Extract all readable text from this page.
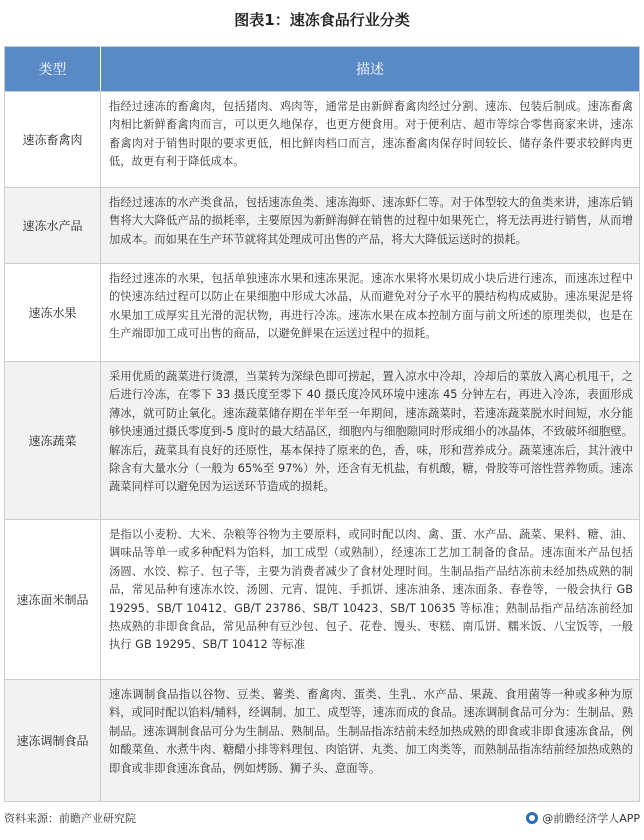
图表1：速冻食品行业分类
类型	描述
速冻畜禽肉
指经过速冻的畜禽肉，包括猪肉、鸡肉等，通常是由新鲜畜禽肉经过分割、速冻、包装后制成。速冻畜禽肉相比新鲜畜禽肉而言，可以更久地保存，也更方便食用。对于便利店、超市等综合零售商家来讲，速冻畜禽肉对于销售时限的要求更低，相比鲜肉档口而言，速冻畜禽肉保存时间较长、储存条件要求较鲜肉更低，故更有利于降低成本。
速冻水产品
指经过速冻的水产类食品，包括速冻鱼类、速冻海虾、速冻虾仁等。对于体型较大的鱼类来讲，速冻后销售将大大降低产品的损耗率，主要原因为新鲜海鲜在销售的过程中如果死亡，将无法再进行销售，从而增加成本。而如果在生产环节就将其处理成可出售的产品，将大大降低运送时的损耗。
速冻水果
指经过速冻的水果，包括单独速冻水果和速冻果泥。速冻水果将水果切成小块后进行速冻，而速冻过程中的快速冻结过程可以防止在果细胞中形成大冰晶，从而避免对分子水平的膜结构构成威胁。速冻果泥是将水果加工成厚实且光滑的泥状物，再进行冷冻。速冻水果在成本控制方面与前文所述的原理类似，也是在生产端即加工成可出售的商品，以避免鲜果在运送过程中的损耗。
速冻蔬菜
采用优质的蔬菜进行烫漂，当菜转为深绿色即可捞起，置入凉水中冷却，冷却后的菜放入离心机甩干，之后进行冷冻，在零下 33 摄氏度至零下 40 摄氏度冷风环境中速冻 45 分钟左右，再进入冷冻，表面形成薄冰，就可防止氧化。速冻蔬菜储存期在半年至一年期间，速冻蔬菜时，若速冻蔬菜脱水时间短，水分能够快速通过摄氏零度到-5 度时的最大结晶区，细胞内与细胞隙同时形成细小的冰晶体，不致破坏细胞壁。解冻后，蔬菜具有良好的还原性，基本保持了原来的色，香，味，形和营养成分。蔬菜速冻后，其汁液中除含有大量水分（一般为 65%至 97%）外，还含有无机盐，有机酸，糖，骨胶等可溶性营养物质。速冻蔬菜同样可以避免因为运送环节造成的损耗。
速冻面米制品
是指以小麦粉、大米、杂粮等谷物为主要原料，或同时配以肉、禽、蛋、水产品、蔬菜、果料、糖、油、调味品等单一或多种配料为馅料，加工成型（或熟制），经速冻工艺加工制备的食品。速冻面米产品包括汤圆、水饺、粽子、包子等，主要为消费者减少了食材处理时间。生制品指产品结冻前未经加热成熟的制品，常见品种有速冻水饺、汤圆、元宵、馄饨、手抓饼、速冻油条、速冻面条、春卷等，一般会执行 GB 19295、SB/T 10412、GB/T 23786、SB/T 10423、SB/T 10635 等标准；熟制品指产品结冻前经加热成熟的非即食食品，常见品种有豆沙包、包子、花卷、馒头、枣糕、南瓜饼、糯米饭、八宝饭等，一般执行 GB 19295、SB/T 10412 等标准
速冻调制食品
速冻调制食品指以谷物、豆类、薯类、畜禽肉、蛋类、生乳、水产品、果蔬、食用菌等一种或多种为原料，或同时配以馅料/辅料，经调制、加工、成型等，速冻而成的食品。速冻调制食品可分为：生制品、熟制品。速冻调制食品可分为生制品、熟制品。生制品指冻结前未经加热成熟的即食或非即食速冻食品，例如酸菜鱼、水煮牛肉、糖醋小排等料理包、肉馅饼、丸类、加工肉类等，而熟制品指冻结前经加热成熟的即食或非即食速冻食品，例如烤肠、狮子头、意面等。
资料来源：前瞻产业研究院	@前瞻经济学人APP
